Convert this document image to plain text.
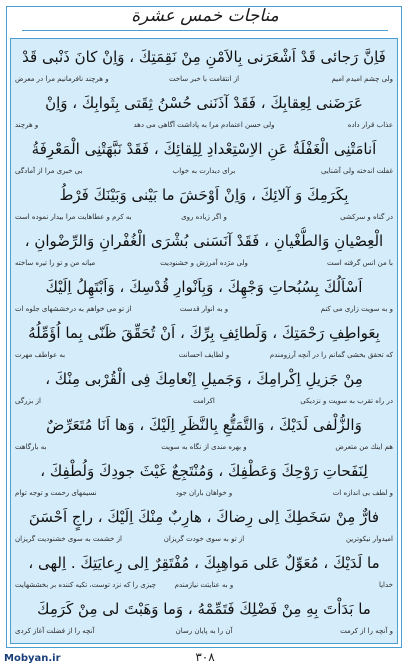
مناجات خمس عشرة
فَاِنَّ رَجائى قَدْ اَشْعَرَنى بِالاَمْنِ مِنْ نَقِمَتِكَ ، وَاِنْ كانَ ذَنْبى قَدْ
ولى چشم اميدم اميم
از انتقامت با خبر ساخت
و هرچند نافرمانيم مرا در معرض
عَرَضَنى لِعِقابِكَ ، فَقَدْ آذَنَنى حُسْنُ ثِقَتى بِثَوابِكَ ، وَاِنْ
عذاب قرار داده
ولى حسن اعتمادم مرا به پاداشت آگاهى مى دهد
و هرچند
اَنامَتْنِى الْغَفْلَةُ عَنِ الاِسْتِعْدادِ لِلِقائِكَ ، فَقَدْ نَبَّهَتْنِى الْمَعْرِفَةُ
غفلت اندخته ولى آشنايى
براى ديدارت به خواب
بى خبرى مرا از آمادگى
بِكَرَمِكَ وَ آلائِكَ ، وَاِنْ اَوْحَشَ ما بَيْنى وَبَيْنَكَ فَرْطُ
در گناه و سركشى
و اگر زياده روى
به كرم و عطاهايت مرا بيدار نموده است
الْعِصْيانِ وَالطُّغْيانِ ، فَقَدْ آنَسَنى بُشْرَى الْغُفْرانِ وَالرِّضْوانِ ،
با من انس گرفته است
ولى مژده آمرزش و خشنوديت
ميانه من و تو را تيره ساخته
اَسْاَلُكَ بِسُبُحاتِ وَجْهِكَ ، وَبِاَنْوارِ قُدْسِكَ ، وَاَبْتَهِلُ اِلَيْكَ
و به سويت زارى مى كنم
و به انوار قدست
از تو مى خواهم به درخششهاى جلوه ات
بِعَواطِفِ رَحْمَتِكَ ، وَلَطائِفِ بِرِّكَ ، اَنْ تُحَقِّقَ ظَنّى بِما اُؤَمِّلُهُ
كه تحقق بخشى گمانم را در آنچه آرزومندم
و لطايف احسانت
به عواطف مهرت
مِنْ جَزيلِ اِكْرامِكَ ، وَجَميلِ اِنْعامِكَ فِى الْقُرْبى مِنْكَ ،
در راه تقرب به سويت و نزديكى
اكرامت
از بزرگى
وَالزُّلْفى لَدَيْكَ ، وَالتَّمَتُّعِ بِالنَّظَرِ اِلَيْكَ ، وَها اَنَا مُتَعَرِّضٌ
هم اينك من متعرض
و بهره مندى از نگاه به سويت
به بارگاهت
لِنَفَحاتِ رَوْحِكَ وَعَطْفِكَ ، وَمُنْتَجِعٌ غَيْثَ جودِكَ وَلُطْفِكَ ،
و لطف بى اندازه ات
و خواهان باران جود
نسيمهاى رحمت و توجه توام
فارٌّ مِنْ سَخَطِكَ اِلى رِضاكَ ، هارِبٌ مِنْكَ اِلَيْكَ ، راجٍ اَحْسَنَ
اميدوار نيكوترين
از تو به سوى خودت گريزان
از خشمت به سوى خشنوديت گريزان
ما لَدَيْكَ ، مُعَوِّلٌ عَلى مَواهِبِكَ ، مُفْتَقِرٌ اِلى رِعايَتِكَ . اِلهى ،
خدايا
و به عنايتت نيازمندم
چيزى را كه نزد توست، تكيه كننده بر بخششهايت
ما بَدَاْتَ بِهِ مِنْ فَضْلِكَ فَتَمِّمْهُ ، وَما وَهَبْتَ لى مِنْ كَرَمِكَ
و آنچه را از كرمت
آن را به پايان رسان
آنچه را از فضلت آغاز كردى
Mobyan.ir	۳۰۸
